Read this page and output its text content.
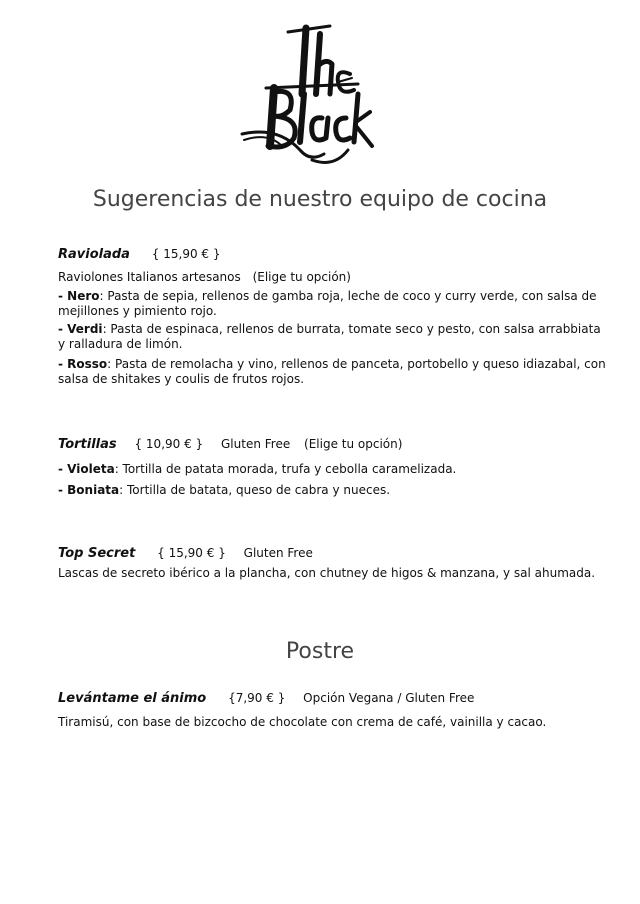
Sugerencias de nuestro equipo de cocina
Raviolada { 15,90 € }
Raviolones Italianos artesanos (Elige tu opción)
- Nero: Pasta de sepia, rellenos de gamba roja, leche de coco y curry verde, con salsa de mejillones y pimiento rojo.
- Verdi: Pasta de espinaca, rellenos de burrata, tomate seco y pesto, con salsa arrabbiata y ralladura de limón.
- Rosso: Pasta de remolacha y vino, rellenos de panceta, portobello y queso idiazabal, con salsa de shitakes y coulis de frutos rojos.
Tortillas { 10,90 € } Gluten Free (Elige tu opción)
- Violeta: Tortilla de patata morada, trufa y cebolla caramelizada.
- Boniata: Tortilla de batata, queso de cabra y nueces.
Top Secret { 15,90 € } Gluten Free
Lascas de secreto ibérico a la plancha, con chutney de higos & manzana, y sal ahumada.
Postre
Levántame el ánimo {7,90 € } Opción Vegana / Gluten Free
Tiramisú, con base de bizcocho de chocolate con crema de café, vainilla y cacao.
